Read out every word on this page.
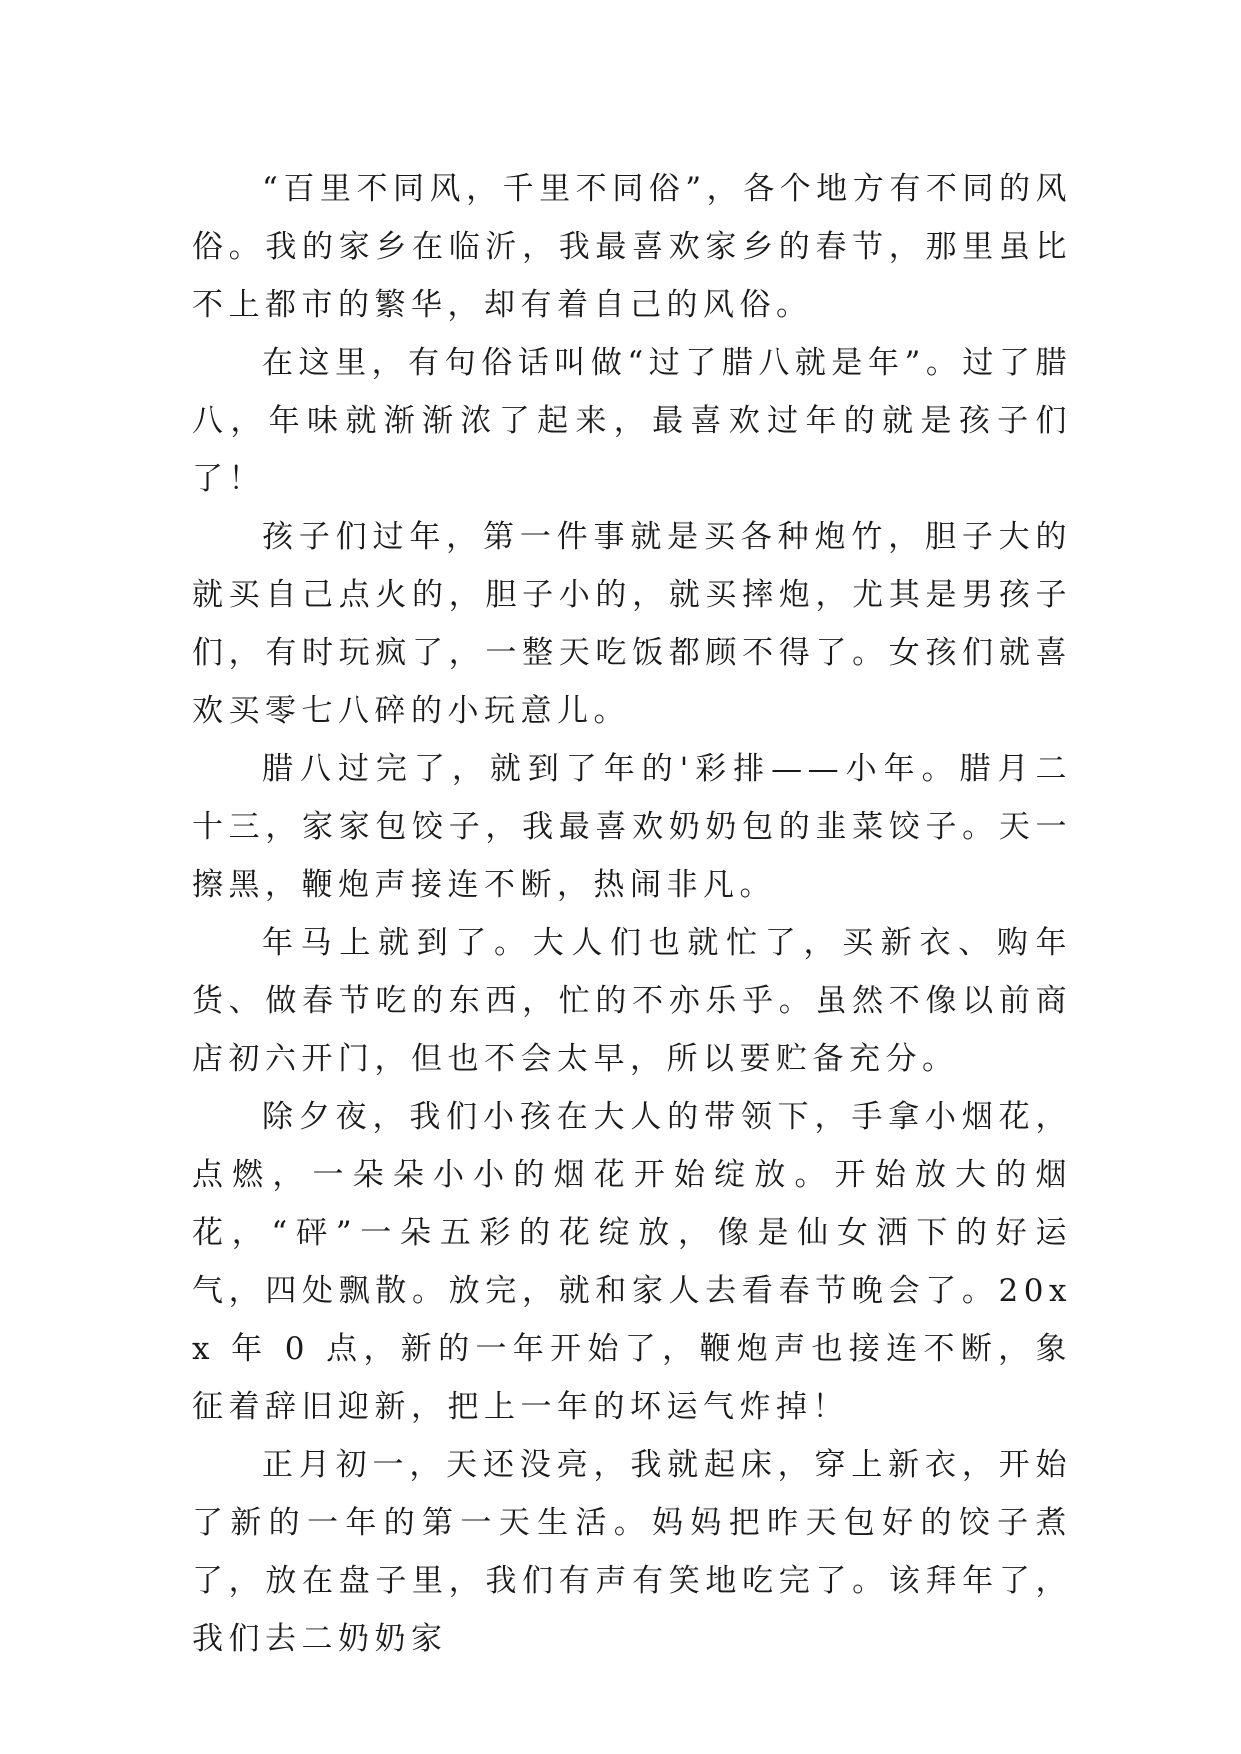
“百里不同风，千里不同俗”，各个地方有不同的风俗。我的家乡在临沂，我最喜欢家乡的春节，那里虽比不上都市的繁华，却有着自己的风俗。

在这里，有句俗话叫做“过了腊八就是年”。过了腊八，年味就渐渐浓了起来，最喜欢过年的就是孩子们了！

孩子们过年，第一件事就是买各种炮竹，胆子大的就买自己点火的，胆子小的，就买摔炮，尤其是男孩子们，有时玩疯了，一整天吃饭都顾不得了。女孩们就喜欢买零七八碎的小玩意儿。

腊八过完了，就到了年的'彩排——小年。腊月二十三，家家包饺子，我最喜欢奶奶包的韭菜饺子。天一擦黑，鞭炮声接连不断，热闹非凡。

年马上就到了。大人们也就忙了，买新衣、购年货、做春节吃的东西，忙的不亦乐乎。虽然不像以前商店初六开门，但也不会太早，所以要贮备充分。

除夕夜，我们小孩在大人的带领下，手拿小烟花，点燃，一朵朵小小的烟花开始绽放。开始放大的烟花，“砰”一朵五彩的花绽放，像是仙女洒下的好运气，四处飘散。放完，就和家人去看春节晚会了。20xx 年 0 点，新的一年开始了，鞭炮声也接连不断，象征着辞旧迎新，把上一年的坏运气炸掉！

正月初一，天还没亮，我就起床，穿上新衣，开始了新的一年的第一天生活。妈妈把昨天包好的饺子煮了，放在盘子里，我们有声有笑地吃完了。该拜年了，我们去二奶奶家
